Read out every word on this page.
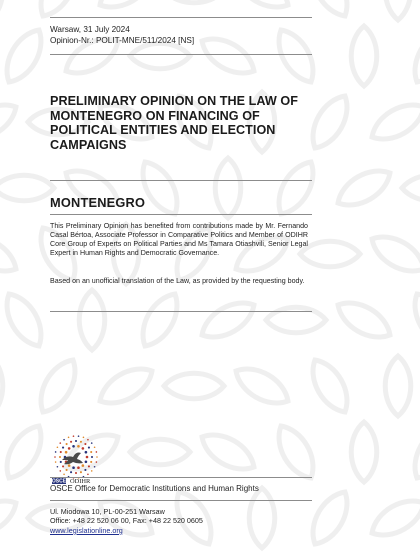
Warsaw, 31 July 2024
Opinion-Nr.: POLIT-MNE/511/2024 [NS]
PRELIMINARY OPINION ON THE LAW OF
MONTENEGRO ON FINANCING OF
POLITICAL ENTITIES AND ELECTION
CAMPAIGNS
MONTENEGRO

This Preliminary Opinion has benefited from contributions made by Mr. Fernando Casal Bértoa, Associate Professor in Comparative Politics and Member of ODIHR Core Group of Experts on Political Parties and Ms Tamara Otiashvili, Senior Legal Expert in Human Rights and Democratic Governance.

Based on an unofficial translation of the Law, as provided by the requesting body.

OSCE ODIHR
OSCE Office for Democratic Institutions and Human Rights
Ul. Miodowa 10, PL-00-251 Warsaw
Office: +48 22 520 06 00, Fax: +48 22 520 0605
www.legislationline.org
